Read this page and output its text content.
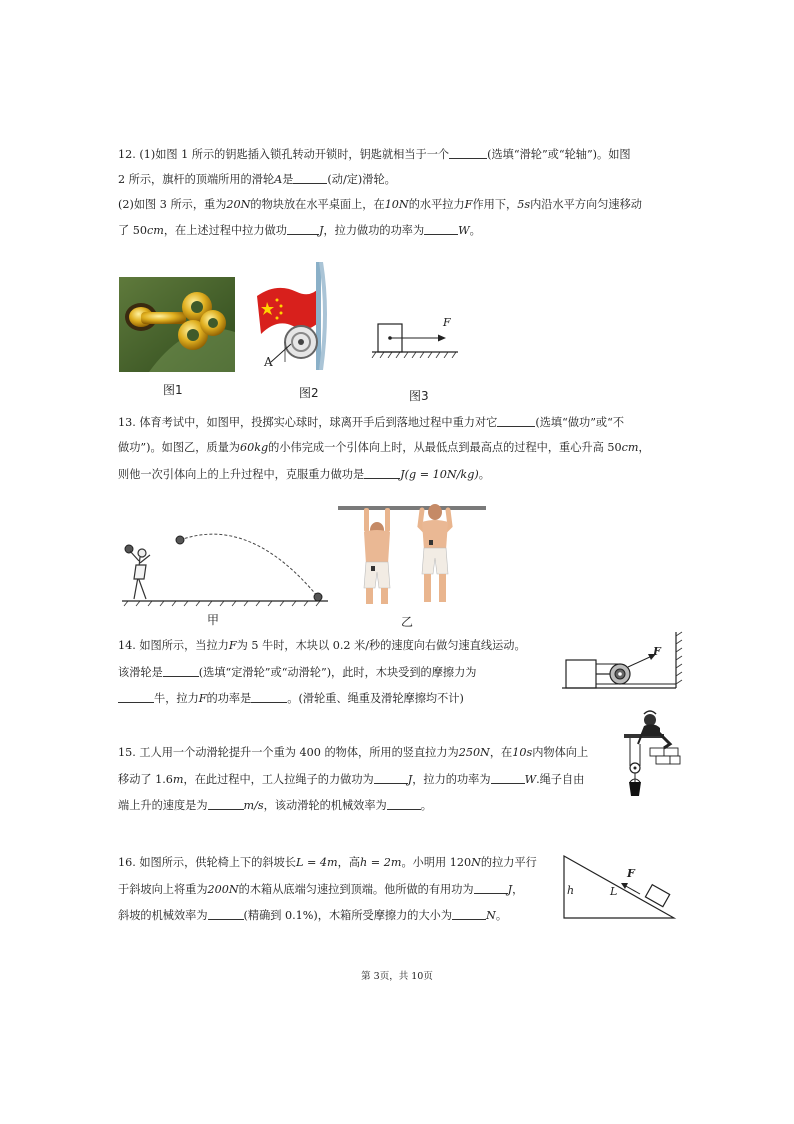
12. (1)如图 1 所示的钥匙插入锁孔转动开锁时，钥匙就相当于一个	(选填“滑轮”或“轮轴”)。如图
2 所示，旗杆的顶端所用的滑轮A是	(动/定)滑轮。
(2)如图 3 所示，重为20N的物块放在水平桌面上，在10N的水平拉力F作用下，5s内沿水平方向匀速移动
了 50cm，在上述过程中拉力做功	J，拉力做功的功率为	W。
图1
A
图2
F
图3
13. 体育考试中，如图甲，投掷实心球时，球离开手后到落地过程中重力对它	(选填“做功”或“不
做功”)。如图乙，质量为60kg的小伟完成一个引体向上时，从最低点到最高点的过程中，重心升高 50cm，
则他一次引体向上的上升过程中，克服重力做功是	J(g = 10N/kg)。
甲	乙
14. 如图所示，当拉力F为 5 牛时，木块以 0.2 米/秒的速度向右做匀速直线运动。
该滑轮是	(选填“定滑轮”或“动滑轮”)，此时，木块受到的摩擦力为
牛，拉力F的功率是	。(滑轮重、绳重及滑轮摩擦均不计)
F
15. 工人用一个动滑轮提升一个重为 400 的物体，所用的竖直拉力为250N，在10s内物体向上
移动了 1.6m，在此过程中，工人拉绳子的力做功为	J，拉力的功率为	W.绳子自由
端上升的速度是为	m/s，该动滑轮的机械效率为	。
16. 如图所示，供轮椅上下的斜坡长L = 4m，高h = 2m。小明用 120N的拉力平行
于斜坡向上将重为200N的木箱从底端匀速拉到顶端。他所做的有用功为	J，
斜坡的机械效率为	(精确到 0.1%)，木箱所受摩擦力的大小为	N。
F
L
h
第 3页，共 10页
